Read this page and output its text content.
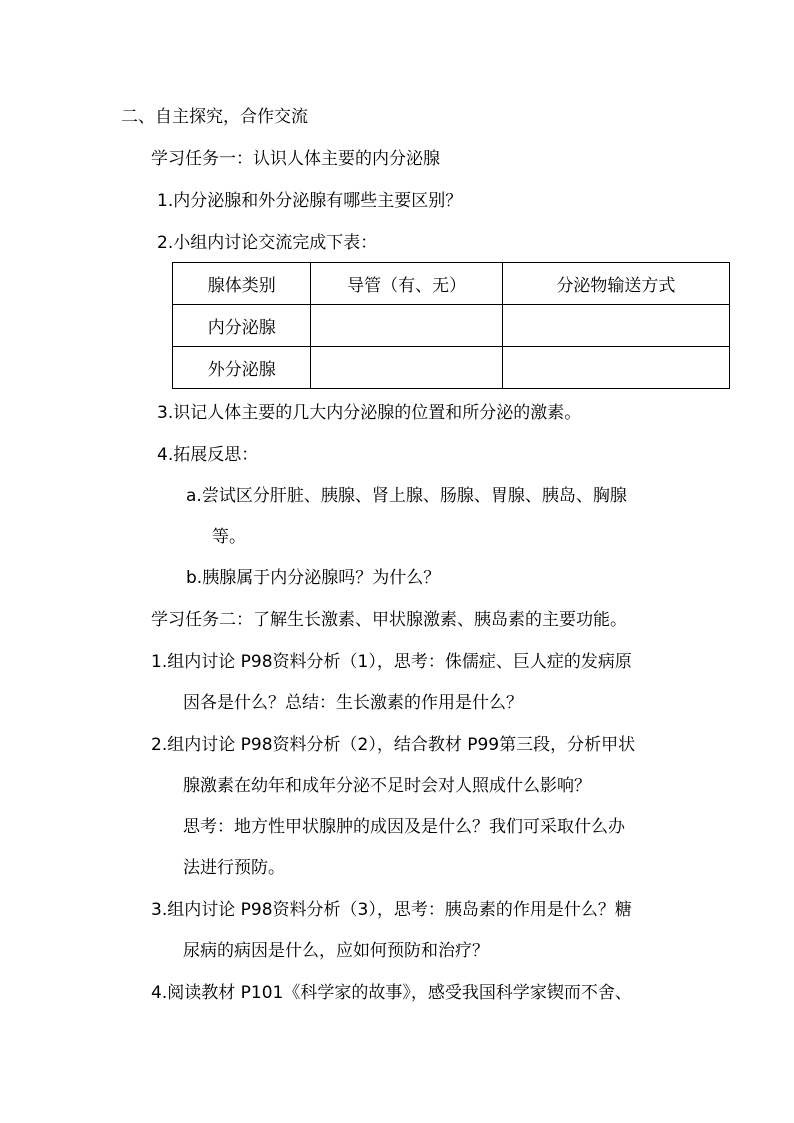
二、自主探究，合作交流
学习任务一：认识人体主要的内分泌腺
1.内分泌腺和外分泌腺有哪些主要区别？
2.小组内讨论交流完成下表：
腺体类别	导管（有、无）	分泌物输送方式
内分泌腺		
外分泌腺		
3.识记人体主要的几大内分泌腺的位置和所分泌的激素。
4.拓展反思：
a.尝试区分肝脏、胰腺、肾上腺、肠腺、胃腺、胰岛、胸腺
等。
b.胰腺属于内分泌腺吗？为什么？
学习任务二：了解生长激素、甲状腺激素、胰岛素的主要功能。
1.组内讨论 P98资料分析（1），思考：侏儒症、巨人症的发病原
因各是什么？总结：生长激素的作用是什么？
2.组内讨论 P98资料分析（2），结合教材 P99第三段，分析甲状
腺激素在幼年和成年分泌不足时会对人照成什么影响？
思考：地方性甲状腺肿的成因及是什么？我们可采取什么办
法进行预防。
3.组内讨论 P98资料分析（3），思考：胰岛素的作用是什么？糖
尿病的病因是什么，应如何预防和治疗？
4.阅读教材 P101《科学家的故事》，感受我国科学家锲而不舍、
